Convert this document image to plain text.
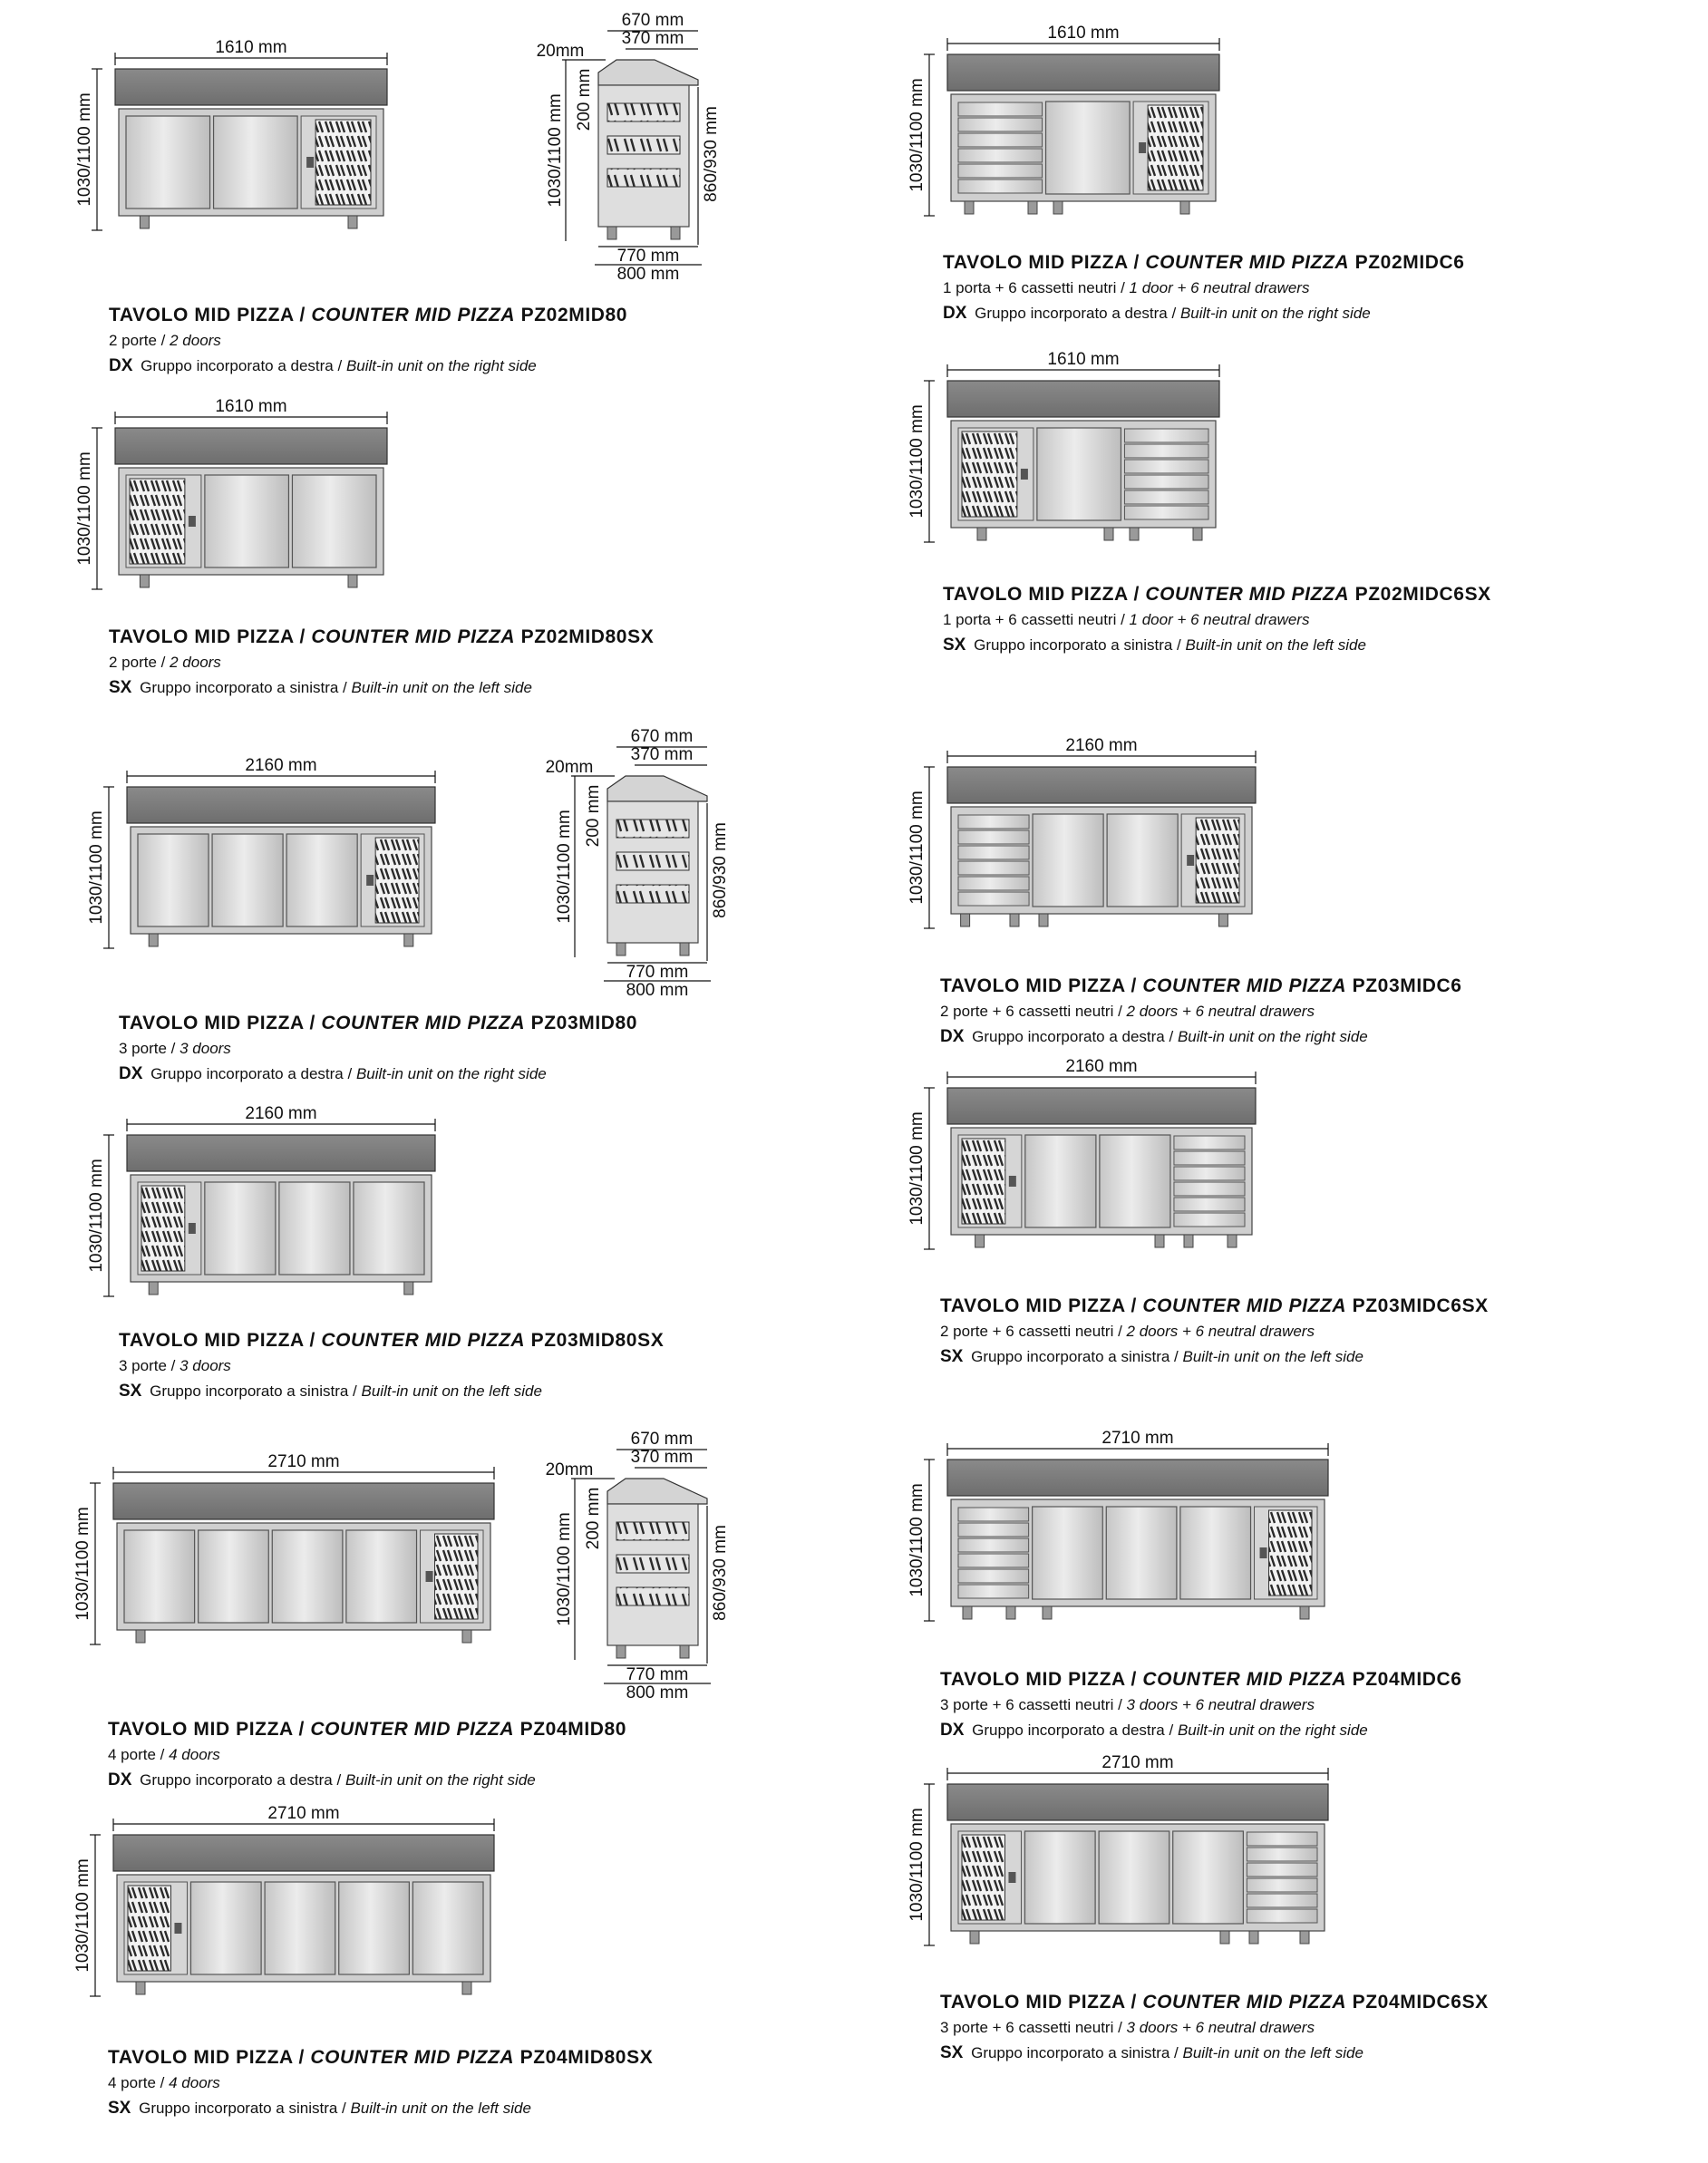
1610 mm
1030/1100 mm
670 mm
370 mm
20mm
200 mm
1030/1100 mm	860/930 mm
770 mm
800 mm
1610 mm
1030/1100 mm
2160 mm
1030/1100 mm
670 mm
370 mm
20mm
200 mm
1030/1100 mm	860/930 mm
770 mm
800 mm
2160 mm
1030/1100 mm
2710 mm
1030/1100 mm
670 mm
370 mm
20mm
200 mm
1030/1100 mm	860/930 mm
770 mm
800 mm
2710 mm
1030/1100 mm
1610 mm
1030/1100 mm
1610 mm
1030/1100 mm
2160 mm
1030/1100 mm
2160 mm
1030/1100 mm
2710 mm
1030/1100 mm
2710 mm
1030/1100 mm
TAVOLO MID PIZZA / COUNTER MID PIZZA PZ02MID80
2 porte / 2 doors
DX Gruppo incorporato a destra / Built-in unit on the right side
TAVOLO MID PIZZA / COUNTER MID PIZZA PZ02MID80SX
2 porte / 2 doors
SX Gruppo incorporato a sinistra / Built-in unit on the left side
TAVOLO MID PIZZA / COUNTER MID PIZZA PZ03MID80
3 porte / 3 doors
DX Gruppo incorporato a destra / Built-in unit on the right side
TAVOLO MID PIZZA / COUNTER MID PIZZA PZ03MID80SX
3 porte / 3 doors
SX Gruppo incorporato a sinistra / Built-in unit on the left side
TAVOLO MID PIZZA / COUNTER MID PIZZA PZ04MID80
4 porte / 4 doors
DX Gruppo incorporato a destra / Built-in unit on the right side
TAVOLO MID PIZZA / COUNTER MID PIZZA PZ04MID80SX
4 porte / 4 doors
SX Gruppo incorporato a sinistra / Built-in unit on the left side
TAVOLO MID PIZZA / COUNTER MID PIZZA PZ02MIDC6
1 porta + 6 cassetti neutri / 1 door + 6 neutral drawers
DX Gruppo incorporato a destra / Built-in unit on the right side
TAVOLO MID PIZZA / COUNTER MID PIZZA PZ02MIDC6SX
1 porta + 6 cassetti neutri / 1 door + 6 neutral drawers
SX Gruppo incorporato a sinistra / Built-in unit on the left side
TAVOLO MID PIZZA / COUNTER MID PIZZA PZ03MIDC6
2 porte + 6 cassetti neutri / 2 doors + 6 neutral drawers
DX Gruppo incorporato a destra / Built-in unit on the right side
TAVOLO MID PIZZA / COUNTER MID PIZZA PZ03MIDC6SX
2 porte + 6 cassetti neutri / 2 doors + 6 neutral drawers
SX Gruppo incorporato a sinistra / Built-in unit on the left side
TAVOLO MID PIZZA / COUNTER MID PIZZA PZ04MIDC6
3 porte + 6 cassetti neutri / 3 doors + 6 neutral drawers
DX Gruppo incorporato a destra / Built-in unit on the right side
TAVOLO MID PIZZA / COUNTER MID PIZZA PZ04MIDC6SX
3 porte + 6 cassetti neutri / 3 doors + 6 neutral drawers
SX Gruppo incorporato a sinistra / Built-in unit on the left side
